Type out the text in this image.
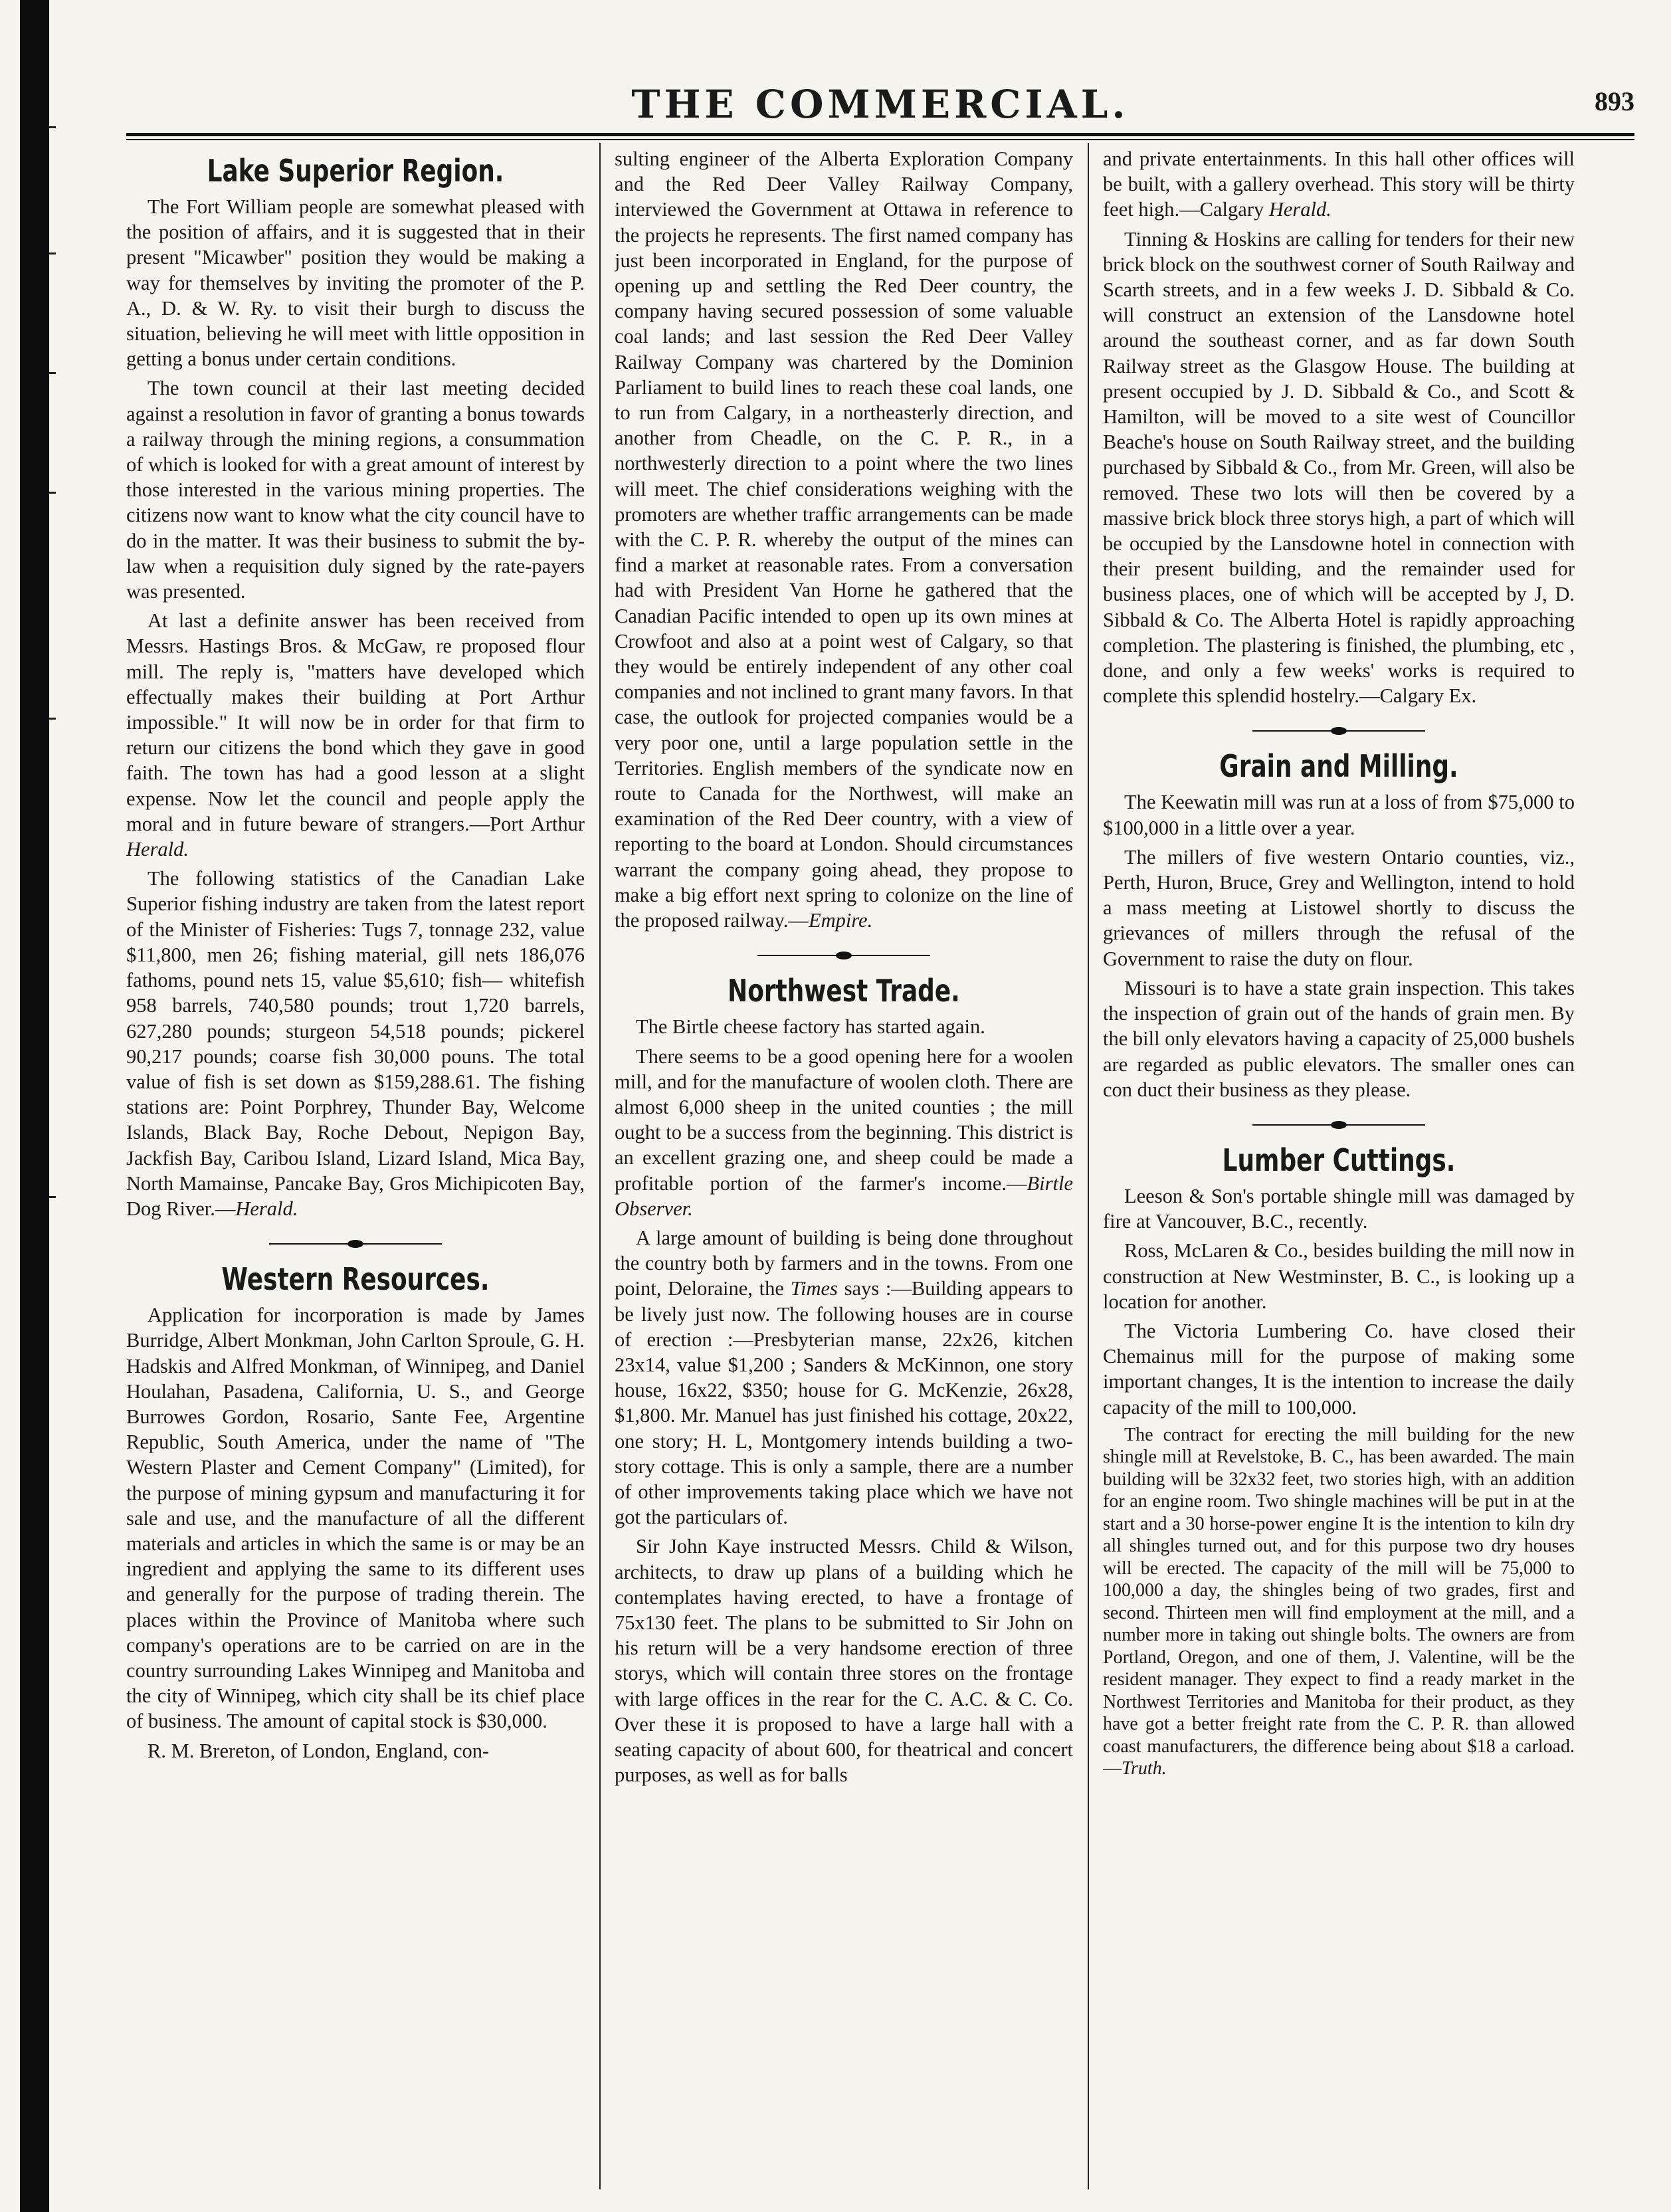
THE COMMERCIAL.	893
Lake Superior Region.

The Fort William people are somewhat pleased with the position of affairs, and it is suggested that in their present "Micawber" position they would be making a way for themselves by inviting the promoter of the P. A., D. & W. Ry. to visit their burgh to discuss the situation, believing he will meet with little opposition in getting a bonus under certain conditions.

The town council at their last meeting decided against a resolution in favor of granting a bonus towards a railway through the mining regions, a consummation of which is looked for with a great amount of interest by those interested in the various mining properties. The citizens now want to know what the city council have to do in the matter. It was their business to submit the by-law when a requisition duly signed by the rate-payers was presented.

At last a definite answer has been received from Messrs. Hastings Bros. & McGaw, re proposed flour mill. The reply is, "matters have developed which effectually makes their building at Port Arthur impossible." It will now be in order for that firm to return our citizens the bond which they gave in good faith. The town has had a good lesson at a slight expense. Now let the council and people apply the moral and in future beware of strangers.—Port Arthur Herald.

The following statistics of the Canadian Lake Superior fishing industry are taken from the latest report of the Minister of Fisheries: Tugs 7, tonnage 232, value $11,800, men 26; fishing material, gill nets 186,076 fathoms, pound nets 15, value $5,610; fish— whitefish 958 barrels, 740,580 pounds; trout 1,720 barrels, 627,280 pounds; sturgeon 54,518 pounds; pickerel 90,217 pounds; coarse fish 30,000 pouns. The total value of fish is set down as $159,288.61. The fishing stations are: Point Porphrey, Thunder Bay, Welcome Islands, Black Bay, Roche Debout, Nepigon Bay, Jackfish Bay, Caribou Island, Lizard Island, Mica Bay, North Mamainse, Pancake Bay, Gros Michipicoten Bay, Dog River.—Herald.

Western Resources.

Application for incorporation is made by James Burridge, Albert Monkman, John Carlton Sproule, G. H. Hadskis and Alfred Monkman, of Winnipeg, and Daniel Houlahan, Pasadena, California, U. S., and George Burrowes Gordon, Rosario, Sante Fee, Argentine Republic, South America, under the name of "The Western Plaster and Cement Company" (Limited), for the purpose of mining gypsum and manufacturing it for sale and use, and the manufacture of all the different materials and articles in which the same is or may be an ingredient and applying the same to its different uses and generally for the purpose of trading therein. The places within the Province of Manitoba where such company's operations are to be carried on are in the country surrounding Lakes Winnipeg and Manitoba and the city of Winnipeg, which city shall be its chief place of business. The amount of capital stock is $30,000.

R. M. Brereton, of London, England, con-

sulting engineer of the Alberta Exploration Company and the Red Deer Valley Railway Company, interviewed the Government at Ottawa in reference to the projects he represents. The first named company has just been incorporated in England, for the purpose of opening up and settling the Red Deer country, the company having secured possession of some valuable coal lands; and last session the Red Deer Valley Railway Company was chartered by the Dominion Parliament to build lines to reach these coal lands, one to run from Calgary, in a northeasterly direction, and another from Cheadle, on the C. P. R., in a northwesterly direction to a point where the two lines will meet. The chief considerations weighing with the promoters are whether traffic arrangements can be made with the C. P. R. whereby the output of the mines can find a market at reasonable rates. From a conversation had with President Van Horne he gathered that the Canadian Pacific intended to open up its own mines at Crowfoot and also at a point west of Calgary, so that they would be entirely independent of any other coal companies and not inclined to grant many favors. In that case, the outlook for projected companies would be a very poor one, until a large population settle in the Territories. English members of the syndicate now en route to Canada for the Northwest, will make an examination of the Red Deer country, with a view of reporting to the board at London. Should circumstances warrant the company going ahead, they propose to make a big effort next spring to colonize on the line of the proposed railway.—Empire.

Northwest Trade.

The Birtle cheese factory has started again.

There seems to be a good opening here for a woolen mill, and for the manufacture of woolen cloth. There are almost 6,000 sheep in the united counties ; the mill ought to be a success from the beginning. This district is an excellent grazing one, and sheep could be made a profitable portion of the farmer's income.—Birtle Observer.

A large amount of building is being done throughout the country both by farmers and in the towns. From one point, Deloraine, the Times says :—Building appears to be lively just now. The following houses are in course of erection :—Presbyterian manse, 22x26, kitchen 23x14, value $1,200 ; Sanders & McKinnon, one story house, 16x22, $350; house for G. McKenzie, 26x28, $1,800. Mr. Manuel has just finished his cottage, 20x22, one story; H. L, Montgomery intends building a two-story cottage. This is only a sample, there are a number of other improvements taking place which we have not got the particulars of.

Sir John Kaye instructed Messrs. Child & Wilson, architects, to draw up plans of a building which he contemplates having erected, to have a frontage of 75x130 feet. The plans to be submitted to Sir John on his return will be a very handsome erection of three storys, which will contain three stores on the frontage with large offices in the rear for the C. A.C. & C. Co. Over these it is proposed to have a large hall with a seating capacity of about 600, for theatrical and concert purposes, as well as for balls

and private entertainments. In this hall other offices will be built, with a gallery overhead. This story will be thirty feet high.—Calgary Herald.

Tinning & Hoskins are calling for tenders for their new brick block on the southwest corner of South Railway and Scarth streets, and in a few weeks J. D. Sibbald & Co. will construct an extension of the Lansdowne hotel around the southeast corner, and as far down South Railway street as the Glasgow House. The building at present occupied by J. D. Sibbald & Co., and Scott & Hamilton, will be moved to a site west of Councillor Beache's house on South Railway street, and the building purchased by Sibbald & Co., from Mr. Green, will also be removed. These two lots will then be covered by a massive brick block three storys high, a part of which will be occupied by the Lansdowne hotel in connection with their present building, and the remainder used for business places, one of which will be accepted by J, D. Sibbald & Co. The Alberta Hotel is rapidly approaching completion. The plastering is finished, the plumbing, etc , done, and only a few weeks' works is required to complete this splendid hostelry.—Calgary Ex.

Grain and Milling.

The Keewatin mill was run at a loss of from $75,000 to $100,000 in a little over a year.

The millers of five western Ontario counties, viz., Perth, Huron, Bruce, Grey and Wellington, intend to hold a mass meeting at Listowel shortly to discuss the grievances of millers through the refusal of the Government to raise the duty on flour.

Missouri is to have a state grain inspection. This takes the inspection of grain out of the hands of grain men. By the bill only elevators having a capacity of 25,000 bushels are regarded as public elevators. The smaller ones can con duct their business as they please.

Lumber Cuttings.

Leeson & Son's portable shingle mill was damaged by fire at Vancouver, B.C., recently.

Ross, McLaren & Co., besides building the mill now in construction at New Westminster, B. C., is looking up a location for another.

The Victoria Lumbering Co. have closed their Chemainus mill for the purpose of making some important changes, It is the intention to increase the daily capacity of the mill to 100,000.

The contract for erecting the mill building for the new shingle mill at Revelstoke, B. C., has been awarded. The main building will be 32x32 feet, two stories high, with an addition for an engine room. Two shingle machines will be put in at the start and a 30 horse-power engine It is the intention to kiln dry all shingles turned out, and for this purpose two dry houses will be erected. The capacity of the mill will be 75,000 to 100,000 a day, the shingles being of two grades, first and second. Thirteen men will find employment at the mill, and a number more in taking out shingle bolts. The owners are from Portland, Oregon, and one of them, J. Valentine, will be the resident manager. They expect to find a ready market in the Northwest Territories and Manitoba for their product, as they have got a better freight rate from the C. P. R. than allowed coast manufacturers, the difference being about $18 a carload.—Truth.
